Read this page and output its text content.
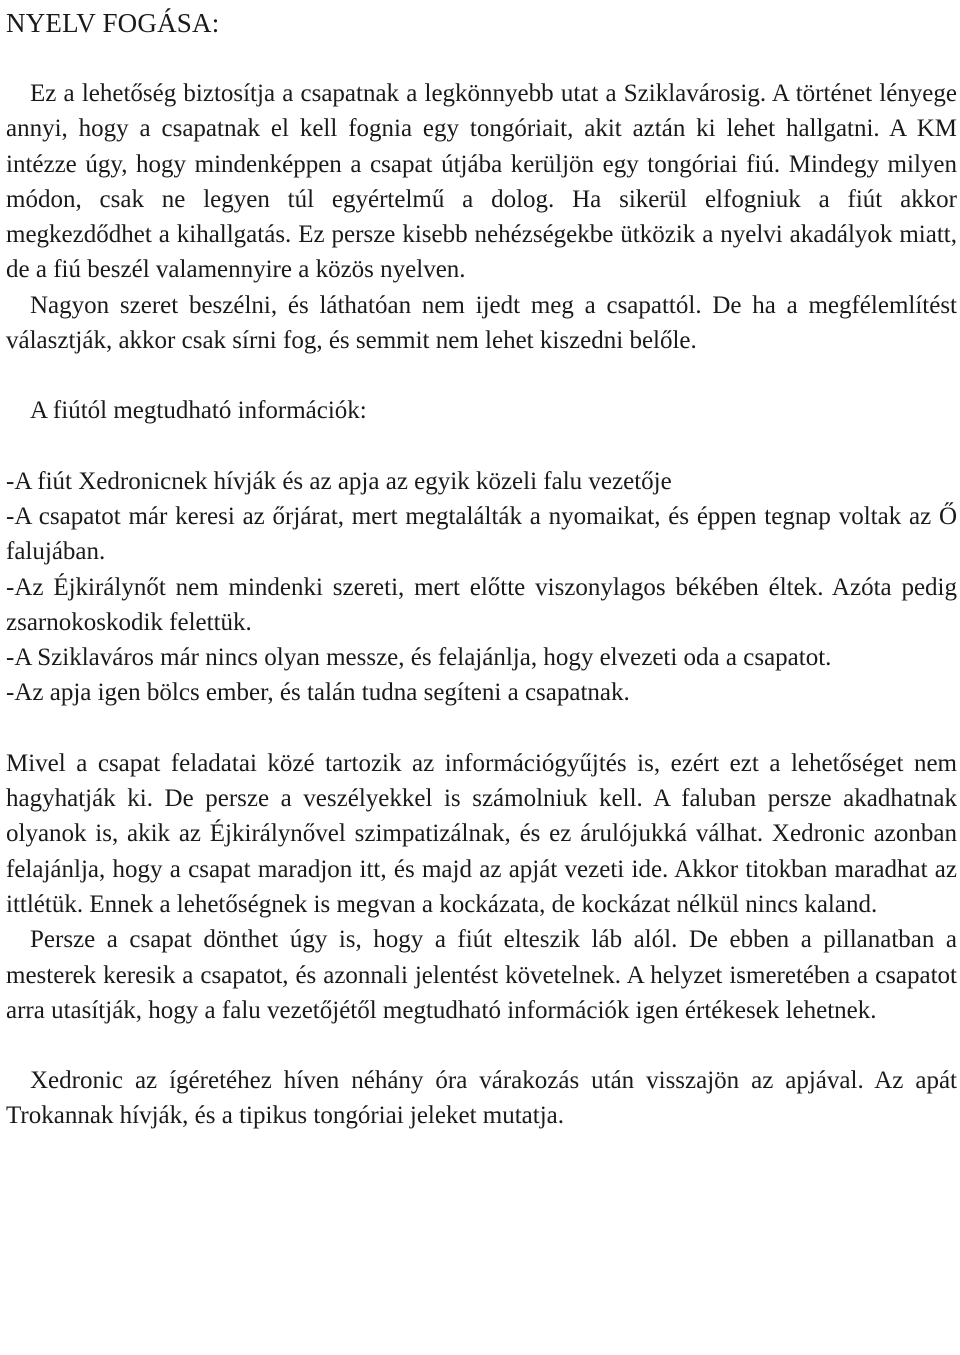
NYELV FOGÁSA:

Ez a lehetőség biztosítja a csapatnak a legkönnyebb utat a Sziklavárosig. A történet lényege annyi, hogy a csapatnak el kell fognia egy tongóriait, akit aztán ki lehet hallgatni. A KM intézze úgy, hogy mindenképpen a csapat útjába kerüljön egy tongóriai fiú. Mindegy milyen módon, csak ne legyen túl egyértelmű a dolog. Ha sikerül elfogniuk a fiút akkor megkezdődhet a kihallgatás. Ez persze kisebb nehézségekbe ütközik a nyelvi akadályok miatt, de a fiú beszél valamennyire a közös nyelven.

Nagyon szeret beszélni, és láthatóan nem ijedt meg a csapattól. De ha a megfélemlítést választják, akkor csak sírni fog, és semmit nem lehet kiszedni belőle.

A fiútól megtudható információk:

-A fiút Xedronicnek hívják és az apja az egyik közeli falu vezetője

-A csapatot már keresi az őrjárat, mert megtalálták a nyomaikat, és éppen tegnap voltak az Ő falujában.

-Az Éjkirálynőt nem mindenki szereti, mert előtte viszonylagos békében éltek. Azóta pedig zsarnokoskodik felettük.

-A Sziklaváros már nincs olyan messze, és felajánlja, hogy elvezeti oda a csapatot.

-Az apja igen bölcs ember, és talán tudna segíteni a csapatnak.

Mivel a csapat feladatai közé tartozik az információgyűjtés is, ezért ezt a lehetőséget nem hagyhatják ki. De persze a veszélyekkel is számolniuk kell. A faluban persze akadhatnak olyanok is, akik az Éjkirálynővel szimpatizálnak, és ez árulójukká válhat. Xedronic azonban felajánlja, hogy a csapat maradjon itt, és majd az apját vezeti ide. Akkor titokban maradhat az ittlétük. Ennek a lehetőségnek is megvan a kockázata, de kockázat nélkül nincs kaland.

Persze a csapat dönthet úgy is, hogy a fiút elteszik láb alól. De ebben a pillanatban a mesterek keresik a csapatot, és azonnali jelentést követelnek. A helyzet ismeretében a csapatot arra utasítják, hogy a falu vezetőjétől megtudható információk igen értékesek lehetnek.

Xedronic az ígéretéhez híven néhány óra várakozás után visszajön az apjával. Az apát Trokannak hívják, és a tipikus tongóriai jeleket mutatja.
